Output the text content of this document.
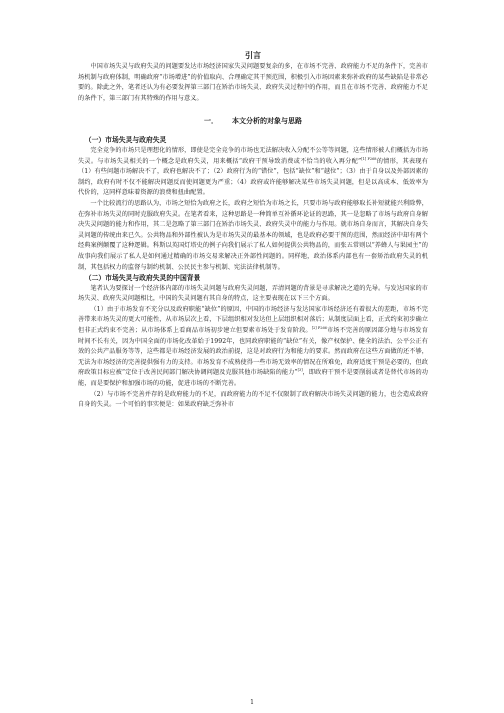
引言

中国市场失灵与政府失灵的问题要发达市场经济国家失灵问题要复杂的多，在市场不完善、政府能力不足的条件下，完善市场机制与政府体制，明确政府“市场增进”的价值取向、合理确定其干预范围，积极引入市场因素来弥补政府的某些缺陷是非常必要的。除此之外，笔者还认为有必要发挥第三部门在矫治市场失灵、政府失灵过程中的作用，而且在市场不完善、政府能力不足的条件下，第三部门有其特殊的作用与意义。

一． 本文分析的对象与思路
（一）市场失灵与政府失灵

完全竞争的市场只是理想化的情形，即使是完全竞争的市场也无法解决收入分配不公等等问题，这些情形被人们概括为市场失灵。与市场失灵相关的一个概念是政府失灵，用来概括“政府干预导致消费或不恰当的收入再分配”$^{[1] P268}$的情形，其表现有（1）有些问题市场解决不了，政府也解决不了；（2）政府行为的“错位”，包括“缺位”和“越位”；（3）由于自身以及外部因素的制约，政府有时不仅不能解决问题反而使问题更为严重；（4）政府或许能够解决某些市场失灵问题，但是以高成本、低效率为代价的，这同样意味着资源的浪费和扭曲配置。

一个比较流行的思路认为，市场之短恰为政府之长，政府之短恰为市场之长，只要市场与政府能够取长补短就能兴利除弊，在弥补市场失灵的同时克服政府失灵。在笔者看来，这种思路是一种简单互补循环论证的思路，其一是忽略了市场与政府自身解决失灵问题的能力和作用，其二是忽略了第三部门在矫治市场失灵、政府失灵中的能力与作用。就市场自身而言，其解决自身失灵问题的传统由来已久。公共物品和外部性被认为是市场失灵的最基本的领域，也是政府必要干预的范围，然而经济中却有两个经典案例颠覆了这种逻辑。科斯以英国灯塔史的例子向我们展示了私人如何提供公共物品的，而张五常则以“养蜂人与果园主”的故事向我们展示了私人是如何通过精确的市场交易来解决正外部性问题的。同样地，政治体系内部也有一套矫治政府失灵的机制，其包括权力的监督与制约机制、公民民主参与机制、宪法法律机制等。

（二）市场失灵与政府失灵的中国背景

笔者认为要探讨一个经济体内部的市场失灵问题与政府失灵问题，弄清问题的背景是寻求解决之道的先导。与发达国家的市场失灵、政府失灵问题相比，中国的失灵问题有其自身的特点，这主要表现在以下三个方面。

（1）由于市场发育不充分以及政府职能“缺位”的原因，中国的市场经济与发达国家市场经济还有着很大的差距，市场不完善带来市场失灵的更大可能性，从市场层次上看，下层组织相对发达但上层组织相对落后；从制度层面上看，正式约束初步确立但非正式约束不完善；从市场体系上看商品市场初步建立但要素市场处于发育阶段。$^{[2] P266}$市场不完善的原因部分地与市场发育时间不长有关，因为中国全面的市场化改革始于1992年，也同政府职能的“缺位”有关，像产权保护、健全的法治、公平公正有效的公共产品服务等等，这些都是市场经济发展的政治前提，这是对政府行为和能力的要求。然而政府在这些方面做的还不够，无法为市场经济的完善提供强有力的支持。市场发育不成熟使得一些市场无效率的情况在所难免，政府适度干预是必要的，但政府政策目标应被“定位于改善民间部门解决协调问题及克服其他市场缺陷的能力”[3]，即政府干预不是要削弱或者是替代市场的功能，而是要保护和加强市场的功能，促进市场的不断完善。

（2）与市场不完善并存的是政府能力的不足，而政府能力的不足不仅限制了政府解决市场失灵问题的能力，也会造成政府自身的失灵。一个可怕的事实便是：如果政府缺乏弥补市

1
